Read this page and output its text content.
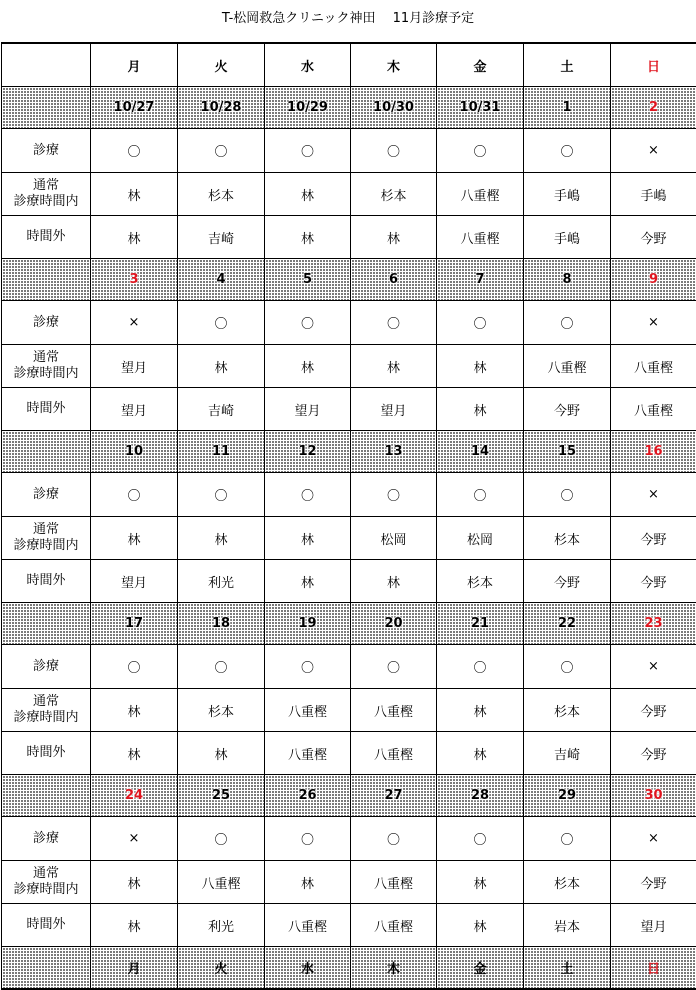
T-松岡救急クリニック神田　 11月診療予定
	月	火	水	木	金	土	日
	10/27	10/28	10/29	10/30	10/31	1	2
診療	〇	〇	〇	〇	〇	〇	×

通常
診療時間内	林	杉本	林	杉本	八重樫	手嶋	手嶋
時間外	林	吉崎	林	林	八重樫	手嶋	今野
	3	4	5	6	7	8	9
診療	×	〇	〇	〇	〇	〇	×

通常
診療時間内	望月	林	林	林	林	八重樫	八重樫
時間外	望月	吉崎	望月	望月	林	今野	八重樫
	10	11	12	13	14	15	16
診療	〇	〇	〇	〇	〇	〇	×

通常
診療時間内	林	林	林	松岡	松岡	杉本	今野
時間外	望月	利光	林	林	杉本	今野	今野
	17	18	19	20	21	22	23
診療	〇	〇	〇	〇	〇	〇	×

通常
診療時間内	林	杉本	八重樫	八重樫	林	杉本	今野
時間外	林	林	八重樫	八重樫	林	吉崎	今野
	24	25	26	27	28	29	30
診療	×	〇	〇	〇	〇	〇	×

通常
診療時間内	林	八重樫	林	八重樫	林	杉本	今野
時間外	林	利光	八重樫	八重樫	林	岩本	望月
	月	火	水	木	金	土	日
